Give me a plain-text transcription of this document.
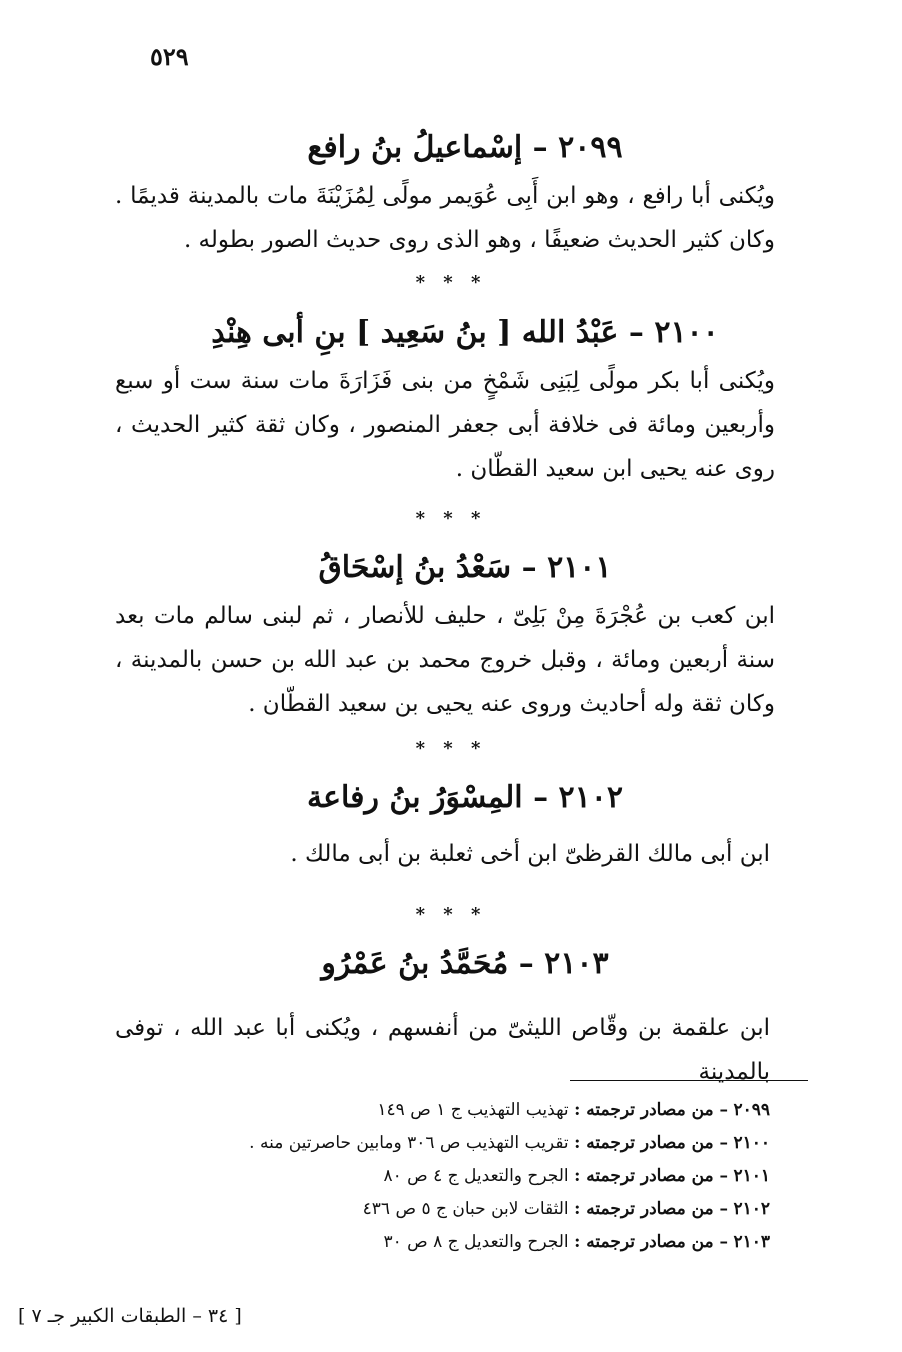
٥٢٩
٢٠٩٩ – إسْماعيلُ بنُ رافع
ويُكنى أبا رافع ، وهو ابن أَبِى عُوَيمر مولًى لِمُزَيْنَةَ مات بالمدينة قديمًا . وكان كثير الحديث ضعيفًا ، وهو الذى روى حديث الصور بطوله .
* * *
٢١٠٠ – عَبْدُ الله [ بنُ سَعِيد ] بنِ أبى هِنْدِ
ويُكنى أبا بكر مولًى لِبَنِى شَمْخٍ من بنى فَزَارَةَ مات سنة ست أو سبع وأربعين ومائة فى خلافة أبى جعفر المنصور ، وكان ثقة كثير الحديث ، روى عنه يحيى ابن سعيد القطّان .
* * *
٢١٠١ – سَعْدُ بنُ إسْحَاقُ
ابن كعب بن عُجْرَةَ مِنْ بَلِىّ ، حليف للأنصار ، ثم لبنى سالم مات بعد سنة أربعين ومائة ، وقبل خروج محمد بن عبد الله بن حسن بالمدينة ، وكان ثقة وله أحاديث وروى عنه يحيى بن سعيد القطّان .
* * *
٢١٠٢ – المِسْوَرُ بنُ رفاعة
ابن أبى مالك القرظىّ ابن أخى ثعلبة بن أبى مالك .
* * *
٢١٠٣ – مُحَمَّدُ بنُ عَمْرُو
ابن علقمة بن وقّاص الليثىّ من أنفسهم ، ويُكنى أبا عبد الله ، توفى بالمدينة
٢٠٩٩ – من مصادر ترجمته : تهذيب التهذيب ج ١ ص ١٤٩
٢١٠٠ – من مصادر ترجمته : تقريب التهذيب ص ٣٠٦ ومابين حاصرتين منه .
٢١٠١ – من مصادر ترجمته : الجرح والتعديل ج ٤ ص ٨٠
٢١٠٢ – من مصادر ترجمته : الثقات لابن حبان ج ٥ ص ٤٣٦
٢١٠٣ – من مصادر ترجمته : الجرح والتعديل ج ٨ ص ٣٠
[ ٣٤ – الطبقات الكبير جـ ٧ ]
